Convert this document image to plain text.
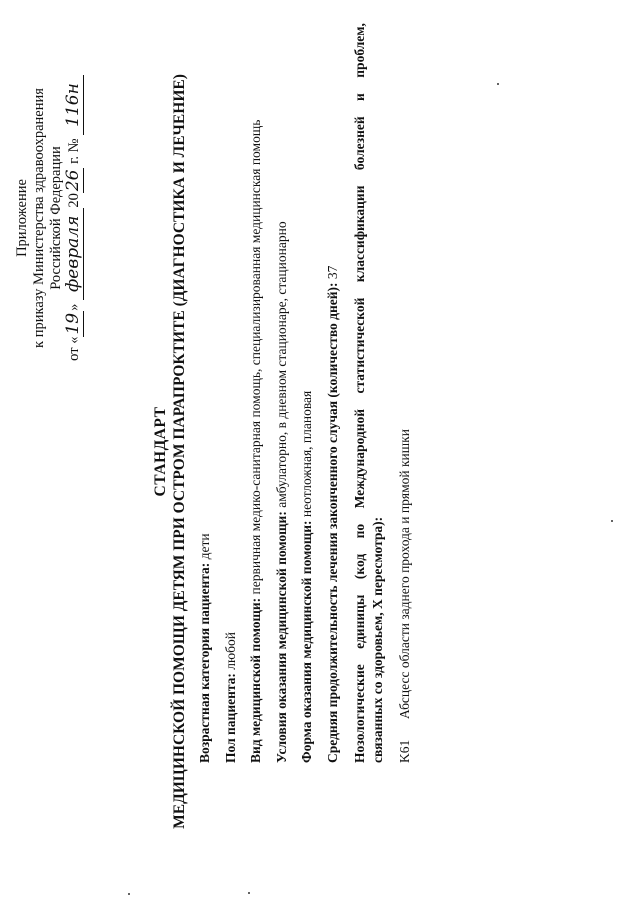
Приложение к приказу Министерства здравоохранения Российской Федерации
от «19» февраля2026 г. № 116н
СТАНДАРТ МЕДИЦИНСКОЙ ПОМОЩИ ДЕТЯМ ПРИ ОСТРОМ ПАРАПРОКТИТЕ (ДИАГНОСТИКА И ЛЕЧЕНИЕ) Возрастная категория пациента: дети
Пол пациента: любой Вид медицинской помощи: первичная медико-санитарная помощь, специализированная медицинская помощь
Условия оказания медицинской помощи: амбулаторно, в дневном стационаре, стационарно
Форма оказания медицинской помощи: неотложная, плановая Средняя продолжительность лечения законченного случая (количество дней): 37
Нозологические
единицы
(код
по
Международной
статистической
классификации
болезней
и
проблем,
связанных со здоровьем, X пересмотра): K61
Абсцесс области заднего прохода и прямой кишки
